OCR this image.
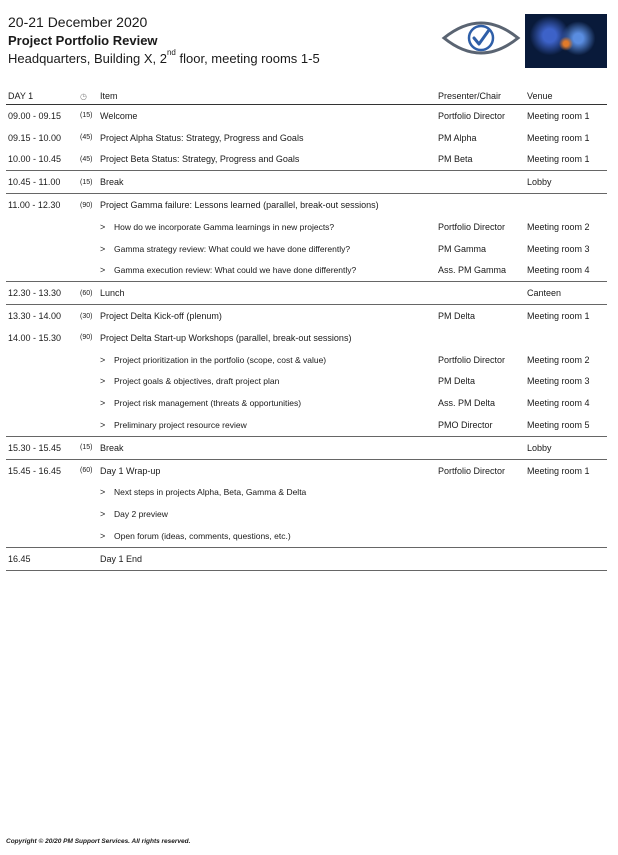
20-21 December 2020
Project Portfolio Review
Headquarters, Building X, 2nd floor, meeting rooms 1-5
DAY 1	◷	Item	Presenter/Chair	Venue
09.00 - 09.15	(15)	Welcome	Portfolio Director	Meeting room 1
09.15 - 10.00	(45)	Project Alpha Status: Strategy, Progress and Goals	PM Alpha	Meeting room 1
10.00 - 10.45	(45)	Project Beta Status: Strategy, Progress and Goals	PM Beta	Meeting room 1
10.45 - 11.00	(15)	Break		Lobby
11.00 - 12.30	(90)	Project Gamma failure: Lessons learned (parallel, break-out sessions)		
		> How do we incorporate Gamma learnings in new projects?	Portfolio Director	Meeting room 2
		> Gamma strategy review: What could we have done differently?	PM Gamma	Meeting room 3
		> Gamma execution review: What could we have done differently?	Ass. PM Gamma	Meeting room 4
12.30 - 13.30	(60)	Lunch		Canteen
13.30 - 14.00	(30)	Project Delta Kick-off (plenum)	PM Delta	Meeting room 1
14.00 - 15.30	(90)	Project Delta Start-up Workshops (parallel, break-out sessions)		
		> Project prioritization in the portfolio (scope, cost & value)	Portfolio Director	Meeting room 2
		> Project goals & objectives, draft project plan	PM Delta	Meeting room 3
		> Project risk management (threats & opportunities)	Ass. PM Delta	Meeting room 4
		> Preliminary project resource review	PMO Director	Meeting room 5
15.30 - 15.45	(15)	Break		Lobby
15.45 - 16.45	(60)	Day 1 Wrap-up	Portfolio Director	Meeting room 1
		> Next steps in projects Alpha, Beta, Gamma & Delta		
		> Day 2 preview		
		> Open forum (ideas, comments, questions, etc.)		
16.45		Day 1 End		
Copyright © 20/20 PM Support Services. All rights reserved.
